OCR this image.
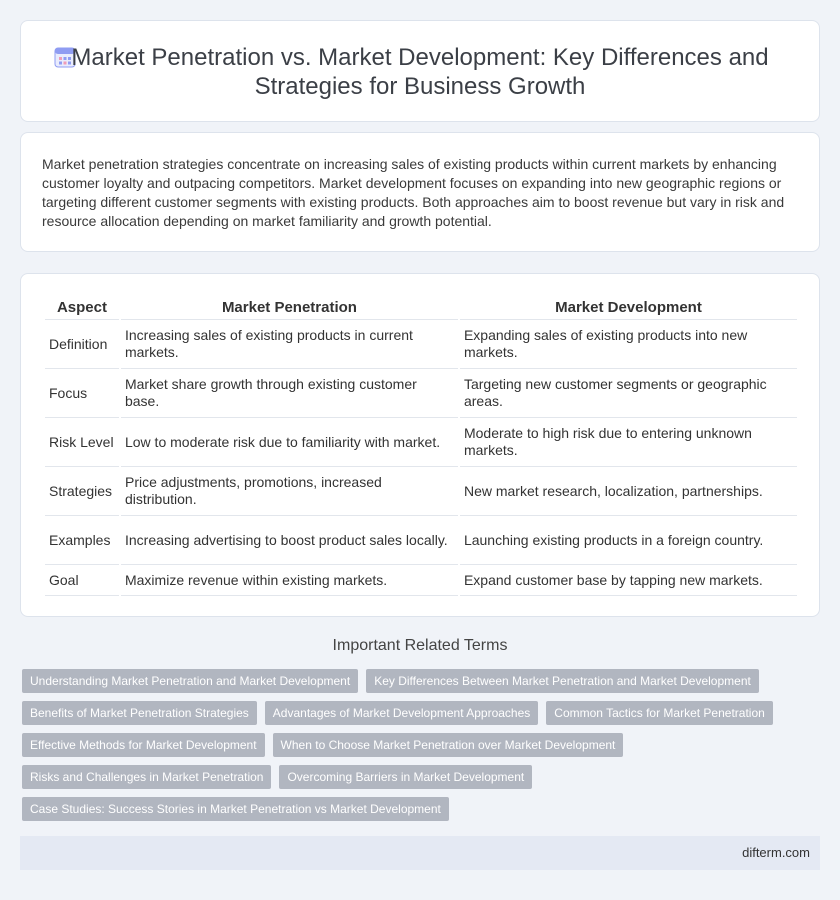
Market Penetration vs. Market Development: Key Differences and
Strategies for Business Growth

Market penetration strategies concentrate on increasing sales of existing products within current markets by enhancing customer loyalty and outpacing competitors. Market development focuses on expanding into new geographic regions or targeting different customer segments with existing products. Both approaches aim to boost revenue but vary in risk and resource allocation depending on market familiarity and growth potential.

Aspect	Market Penetration	Market Development
Definition	Increasing sales of existing products in current markets.	Expanding sales of existing products into new markets.
Focus	Market share growth through existing customer base.	Targeting new customer segments or geographic areas.
Risk Level	Low to moderate risk due to familiarity with market.	Moderate to high risk due to entering unknown markets.
Strategies	Price adjustments, promotions, increased distribution.	New market research, localization, partnerships.
Examples	Increasing advertising to boost product sales locally.	Launching existing products in a foreign country.
Goal	Maximize revenue within existing markets.	Expand customer base by tapping new markets.
Important Related Terms
Understanding Market Penetration and Market Development	Key Differences Between Market Penetration and Market Development
Benefits of Market Penetration Strategies	Advantages of Market Development Approaches	Common Tactics for Market Penetration
Effective Methods for Market Development	When to Choose Market Penetration over Market Development
Risks and Challenges in Market Penetration	Overcoming Barriers in Market Development
Case Studies: Success Stories in Market Penetration vs Market Development
difterm.com
